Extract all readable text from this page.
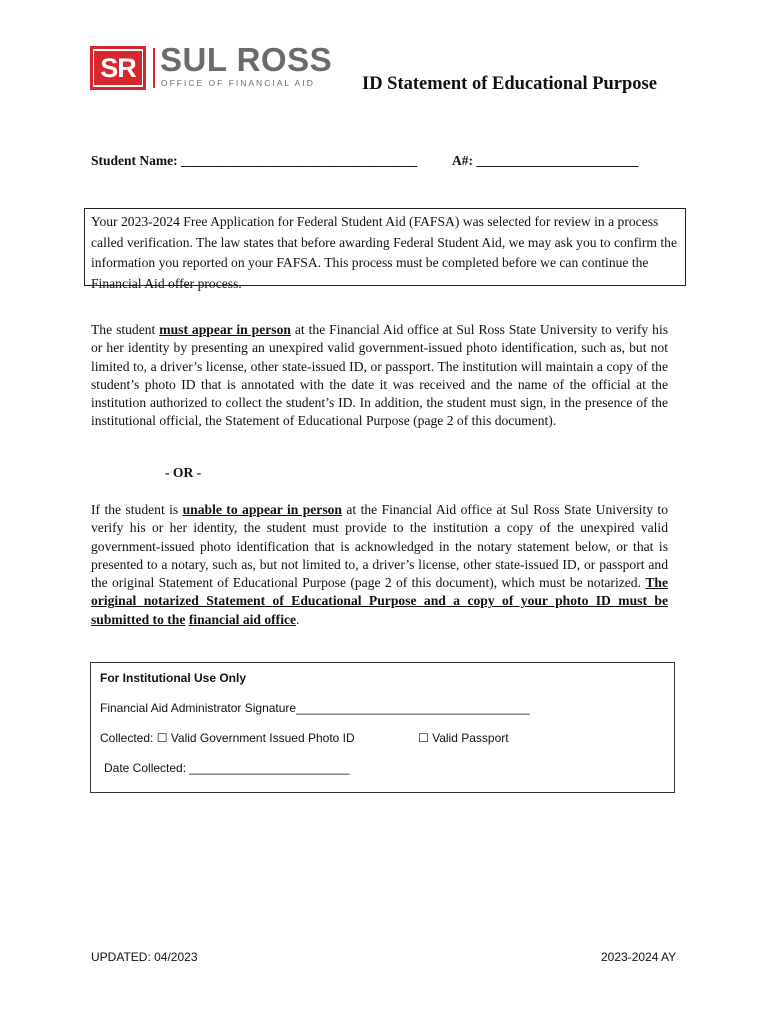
SR SUL ROSS
OFFICE OF FINANCIAL AID	ID Statement of Educational Purpose
Student Name: ___________________________________	A#: ________________________
Your 2023-2024 Free Application for Federal Student Aid (FAFSA) was selected for review in a process called verification. The law states that before awarding Federal Student Aid, we may ask you to confirm the information you reported on your FAFSA. This process must be completed before we can continue the Financial Aid offer process.
The student must appear in person at the Financial Aid office at Sul Ross State University to verify his or her identity by presenting an unexpired valid government-issued photo identification, such as, but not limited to, a driver’s license, other state-issued ID, or passport. The institution will maintain a copy of the student’s photo ID that is annotated with the date it was received and the name of the official at the institution authorized to collect the student’s ID. In addition, the student must sign, in the presence of the institutional official, the Statement of Educational Purpose (page 2 of this document).
- OR -
If the student is unable to appear in person at the Financial Aid office at Sul Ross State University to verify his or her identity, the student must provide to the institution a copy of the unexpired valid government-issued photo identification that is acknowledged in the notary statement below, or that is presented to a notary, such as, but not limited to, a driver’s license, other state-issued ID, or passport and the original Statement of Educational Purpose (page 2 of this document), which must be notarized. The original notarized Statement of Educational Purpose and a copy of your photo ID must be submitted to the financial aid office.
For Institutional Use Only
Financial Aid Administrator Signature___________________________________
Collected: ☐ Valid Government Issued Photo ID	☐ Valid Passport
Date Collected: ________________________
UPDATED: 04/2023	2023-2024 AY
